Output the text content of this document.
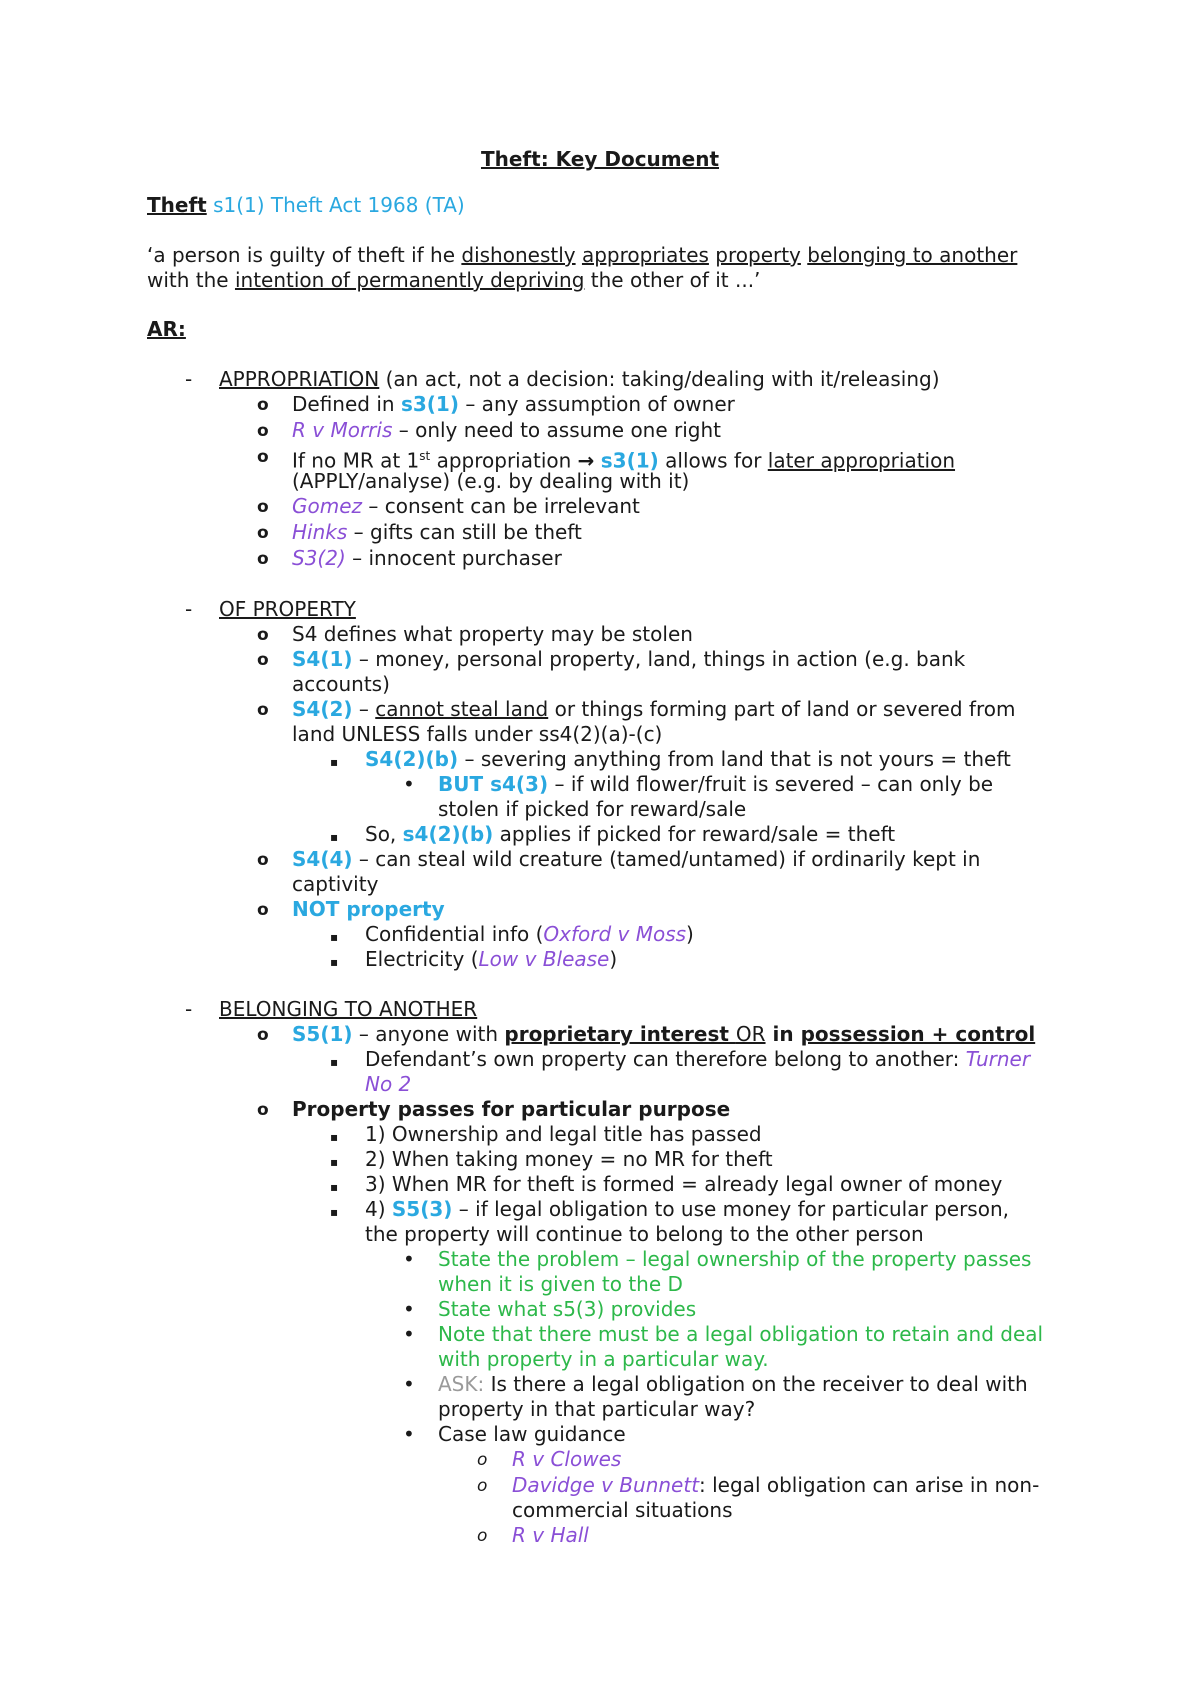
Theft: Key Document
Theft s1(1) Theft Act 1968 (TA)
‘a person is guilty of theft if he dishonestly appropriates property belonging to another
with the intention of permanently depriving the other of it ...’
AR:
- APPROPRIATION (an act, not a decision: taking/dealing with it/releasing)
o Defined in s3(1) – any assumption of owner
o R v Morris – only need to assume one right
o If no MR at 1st appropriation → s3(1) allows for later appropriation
(APPLY/analyse) (e.g. by dealing with it)
o Gomez – consent can be irrelevant
o Hinks – gifts can still be theft
o S3(2) – innocent purchaser
- OF PROPERTY
o S4 defines what property may be stolen
o S4(1) – money, personal property, land, things in action (e.g. bank
accounts)
o S4(2) – cannot steal land or things forming part of land or severed from
land UNLESS falls under ss4(2)(a)-(c)
▪ S4(2)(b) – severing anything from land that is not yours = theft
• BUT s4(3) – if wild flower/fruit is severed – can only be
stolen if picked for reward/sale
▪ So, s4(2)(b) applies if picked for reward/sale = theft
o S4(4) – can steal wild creature (tamed/untamed) if ordinarily kept in
captivity
o NOT property
▪ Confidential info (Oxford v Moss)
▪ Electricity (Low v Blease)
- BELONGING TO ANOTHER
o S5(1) – anyone with proprietary interest OR in possession + control
▪ Defendant’s own property can therefore belong to another: Turner
No 2
o Property passes for particular purpose
▪ 1) Ownership and legal title has passed
▪ 2) When taking money = no MR for theft
▪ 3) When MR for theft is formed = already legal owner of money
▪ 4) S5(3) – if legal obligation to use money for particular person,
the property will continue to belong to the other person
• State the problem – legal ownership of the property passes
when it is given to the D
• State what s5(3) provides
• Note that there must be a legal obligation to retain and deal
with property in a particular way.
• ASK: Is there a legal obligation on the receiver to deal with
property in that particular way?
• Case law guidance
o R v Clowes
o Davidge v Bunnett: legal obligation can arise in non-
commercial situations
o R v Hall
